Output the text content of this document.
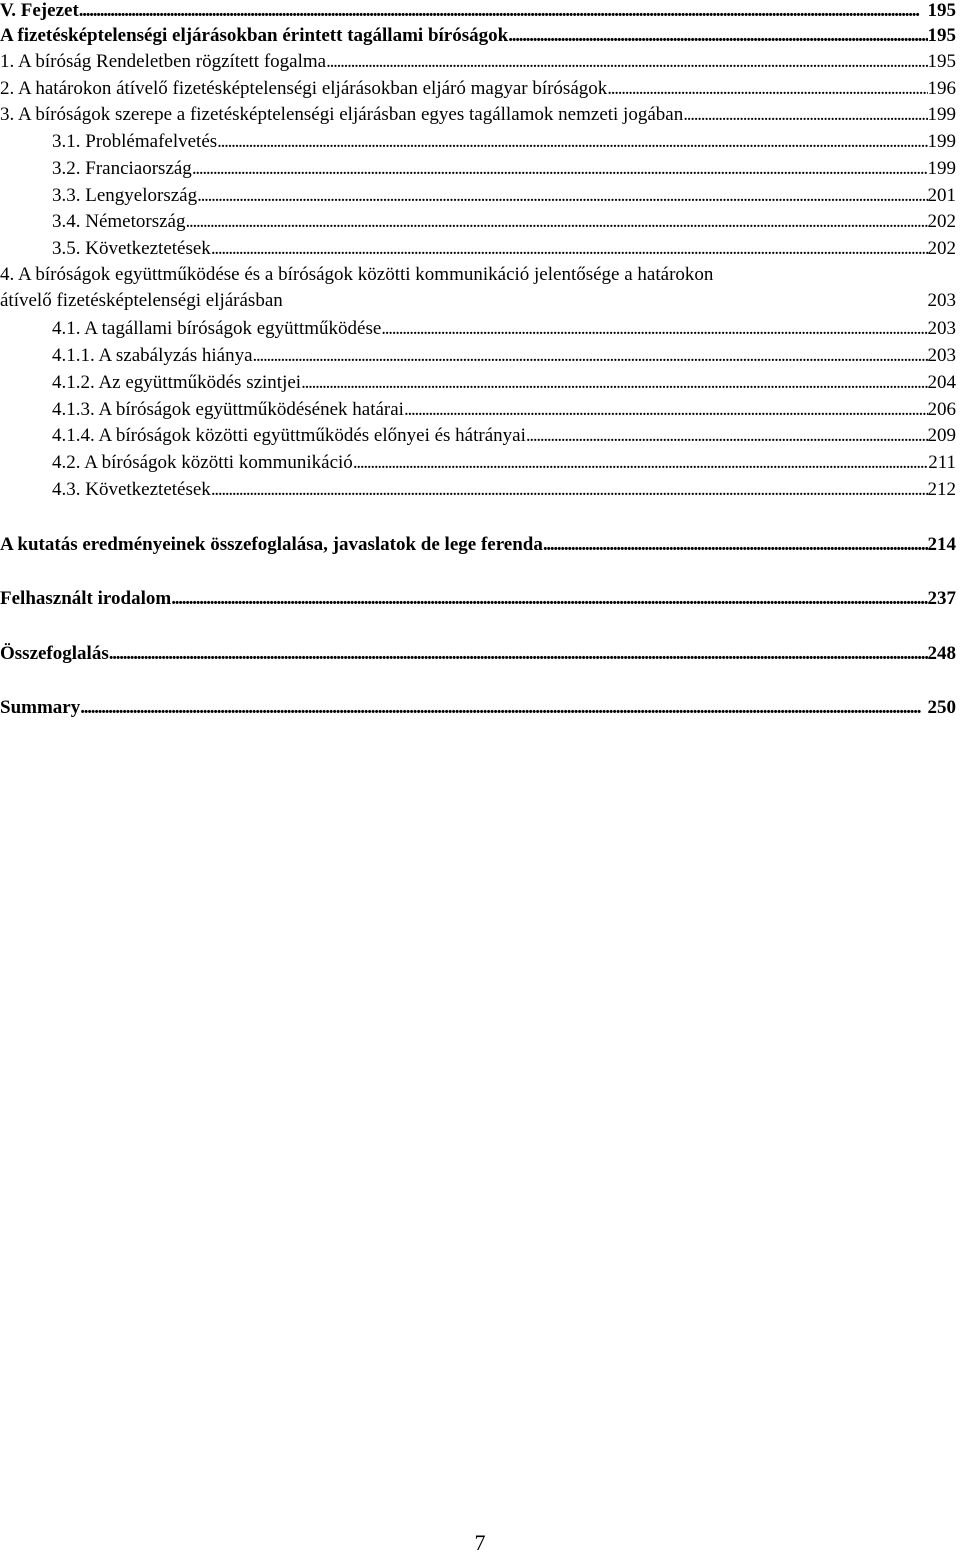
V. Fejezet . . .	195
A fizetésképtelenségi eljárásokban érintett tagállami bíróságok . . .	195
1. A bíróság Rendeletben rögzített fogalma . . .	195
2. A határokon átívelő fizetésképtelenségi eljárásokban eljáró magyar bíróságok . . .	196
3. A bíróságok szerepe a fizetésképtelenségi eljárásban egyes tagállamok nemzeti jogában . . .	199
3.1. Problémafelvetés . . .	199
3.2. Franciaország . . .	199
3.3. Lengyelország . . .	201
3.4. Németország . . .	202
3.5. Következtetések . . .	202
4. A bíróságok együttműködése és a bíróságok közötti kommunikáció jelentősége a határokon
átívelő fizetésképtelenségi eljárásban	203
4.1. A tagállami bíróságok együttműködése . . .	203
4.1.1. A szabályzás hiánya . . .	203
4.1.2. Az együttműködés szintjei . . .	204
4.1.3. A bíróságok együttműködésének határai . . .	206
4.1.4. A bíróságok közötti együttműködés előnyei és hátrányai . . .	209
4.2. A bíróságok közötti kommunikáció . . .	211
4.3. Következtetések . . .	212
A kutatás eredményeinek összefoglalása, javaslatok de lege ferenda . . .	214
Felhasznált irodalom . . .	237
Összefoglalás . . .	248
Summary . . .	250
7
